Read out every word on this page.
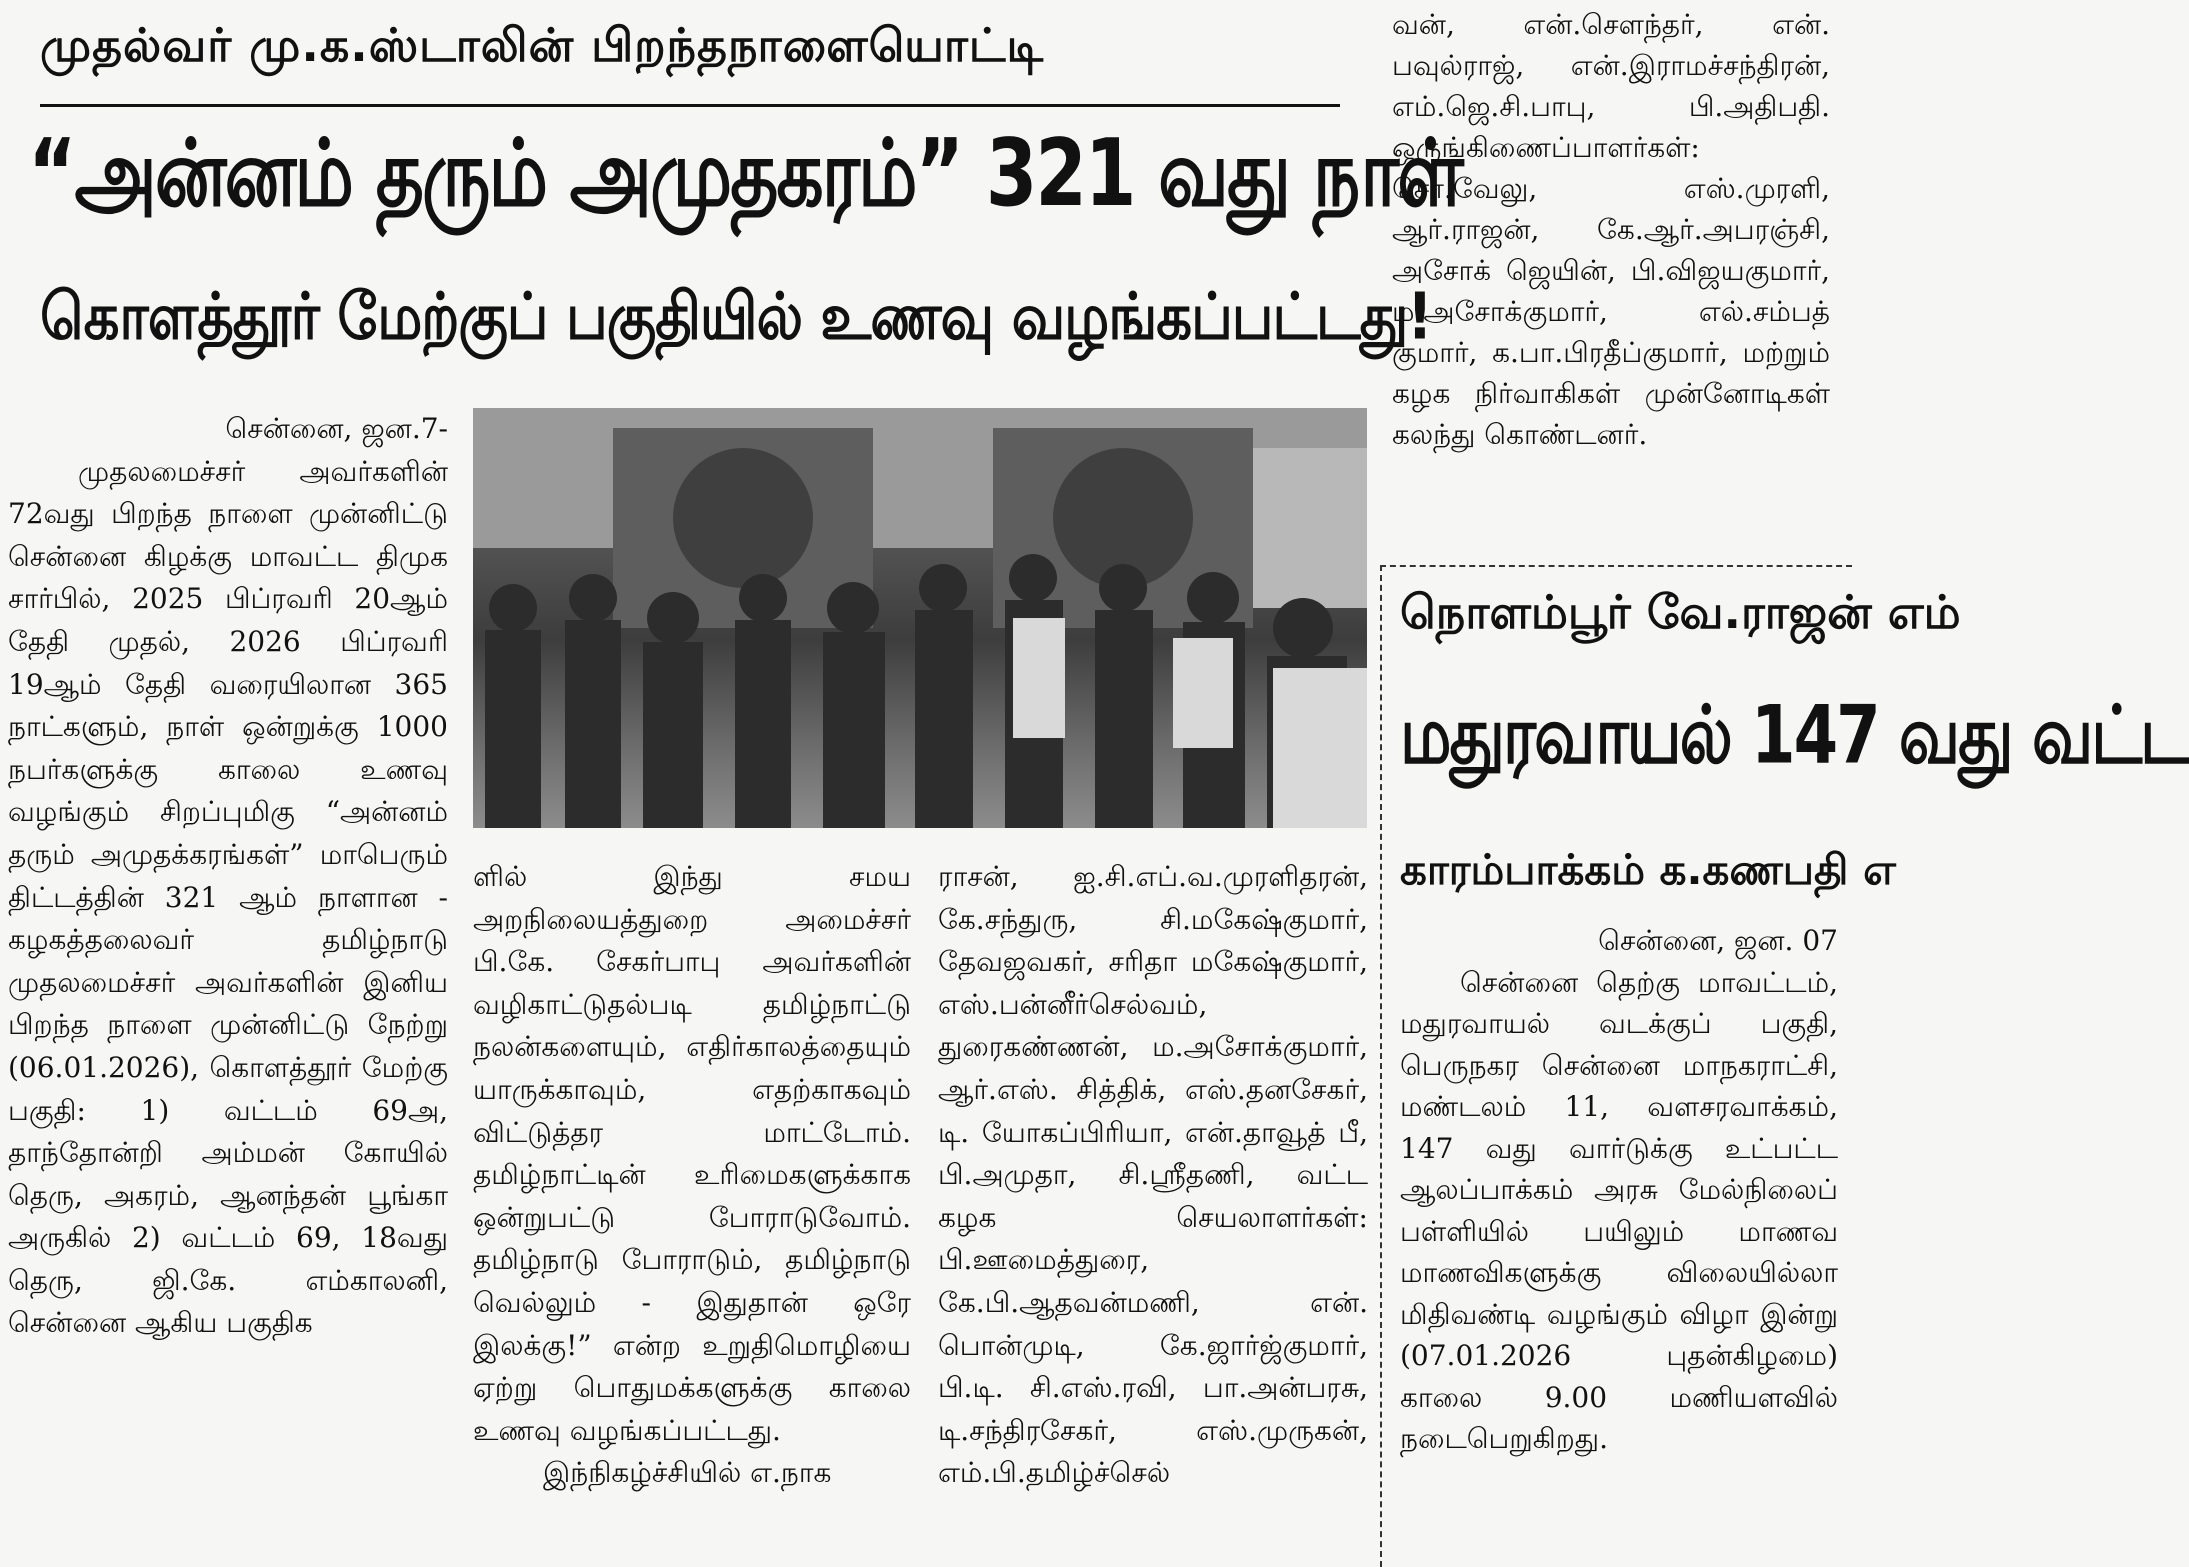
முதல்வர் மு.க.ஸ்டாலின் பிறந்தநாளையொட்டி
“அன்னம் தரும் அமுதகரம்” 321 வது நாள்
கொளத்தூர் மேற்குப் பகுதியில் உணவு வழங்கப்பட்டது!

சென்னை, ஜன.7-

முதலமைச்சர் அவர்களின் 72வது பிறந்த நாளை முன்னிட்டு சென்னை கிழக்கு மாவட்ட திமுக சார்பில், 2025 பிப்ரவரி 20ஆம் தேதி முதல், 2026 பிப்ரவரி 19ஆம் தேதி வரையிலான 365 நாட்களும், நாள் ஒன்றுக்கு 1000 நபர்களுக்கு காலை உணவு வழங்கும் சிறப்புமிகு “அன்னம் தரும் அமுதக்கரங்கள்” மாபெரும் திட்டத்தின் 321 ஆம் நாளான - கழகத்தலைவர் தமிழ்நாடு முதலமைச்சர் அவர்களின் இனிய பிறந்த நாளை முன்னிட்டு நேற்று (06.01.2026), கொளத்தூர் மேற்கு பகுதி: 1) வட்டம் 69அ, தாந்தோன்றி அம்மன் கோயில் தெரு, அகரம், ஆனந்தன் பூங்கா அருகில் 2) வட்டம் 69, 18வது தெரு, ஜி.கே. எம்காலனி, சென்னை ஆகிய பகுதிக

ளில் இந்து சமய அறநிலையத்துறை அமைச்சர் பி.கே. சேகர்பாபு அவர்களின் வழிகாட்டுதல்படி தமிழ்நாட்டு நலன்களையும், எதிர்காலத்தையும் யாருக்காவும், எதற்காகவும் விட்டுத்தர மாட்டோம். தமிழ்நாட்டின் உரிமைகளுக்காக ஒன்றுபட்டு போராடுவோம். தமிழ்நாடு போராடும், தமிழ்நாடு வெல்லும் - இதுதான் ஒரே இலக்கு!” என்ற உறுதிமொழியை ஏற்று பொதுமக்களுக்கு காலை உணவு வழங்கப்பட்டது.

இந்நிகழ்ச்சியில் எ.நாக

ராசன், ஐ.சி.எப்.வ.முரளிதரன், கே.சந்துரு, சி.மகேஷ்குமார், தேவஜவகர், சரிதா மகேஷ்குமார், எஸ்.பன்னீர்செல்வம், துரைகண்ணன், ம.அசோக்குமார், ஆர்.எஸ். சித்திக், எஸ்.தனசேகர், டி. யோகப்பிரியா, என்.தாவூத் பீ, பி.அமுதா, சி.ஸ்ரீதணி, வட்ட கழக செயலாளர்கள்: பி.ஊமைத்துரை, கே.பி.ஆதவன்மணி, என். பொன்முடி, கே.ஜார்ஜ்குமார், பி.டி. சி.எஸ்.ரவி, பா.அன்பரசு, டி.சந்திரசேகர், எஸ்.முருகன், எம்.பி.தமிழ்ச்செல்

வன், என்.சௌந்தர், என். பவுல்ராஜ், என்.இராமச்சந்திரன், எம்.ஜெ.சி.பாபு, பி.அதிபதி. ஒருங்கிணைப்பாளர்கள்: சொ.வேலு, எஸ்.முரளி, ஆர்.ராஜன், கே.ஆர்.அபரஞ்சி, அசோக் ஜெயின், பி.விஜயகுமார், ம.அசோக்குமார், எல்.சம்பத் குமார், க.பா.பிரதீப்குமார், மற்றும் கழக நிர்வாகிகள் முன்னோடிகள் கலந்து கொண்டனர்.

நொளம்பூர் வே.ராஜன் எம்
மதுரவாயல் 147 வது வட்ட
காரம்பாக்கம் க.கணபதி எ

சென்னை, ஜன. 07

சென்னை தெற்கு மாவட்டம், மதுரவாயல் வடக்குப் பகுதி, பெருநகர சென்னை மாநகராட்சி, மண்டலம் 11, வளசரவாக்கம், 147 வது வார்டுக்கு உட்பட்ட ஆலப்பாக்கம் அரசு மேல்நிலைப் பள்ளியில் பயிலும் மாணவ மாணவிகளுக்கு விலையில்லா மிதிவண்டி வழங்கும் விழா இன்று (07.01.2026 புதன்கிழமை) காலை 9.00 மணியளவில் நடைபெறுகிறது.
